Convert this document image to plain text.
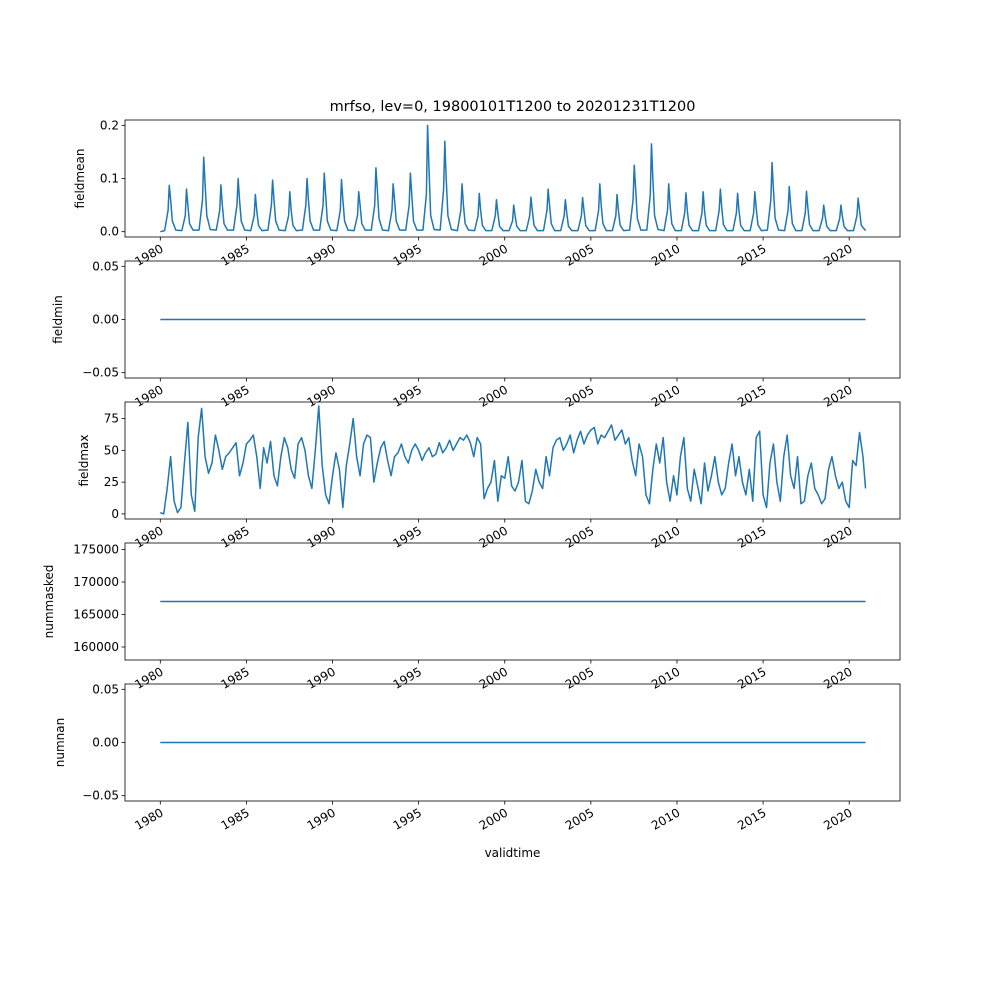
mrfso, lev=0, 19800101T1200 to 20201231T1200
0.0
0.1
0.2
fieldmean
1980	1985	1990	1995	2000	2005	2010	2015	2020
−0.05
0.00
0.05
fieldmin
1980	1985	1990	1995	2000	2005	2010	2015	2020
0
25
50
75
fieldmax
1980	1985	1990	1995	2000	2005	2010	2015	2020
160000
165000
170000
175000
nummasked
1980	1985	1990	1995	2000	2005	2010	2015	2020
−0.05
0.00
0.05
numnan
1980	1985	1990	1995	2000	2005	2010	2015	2020
validtime
